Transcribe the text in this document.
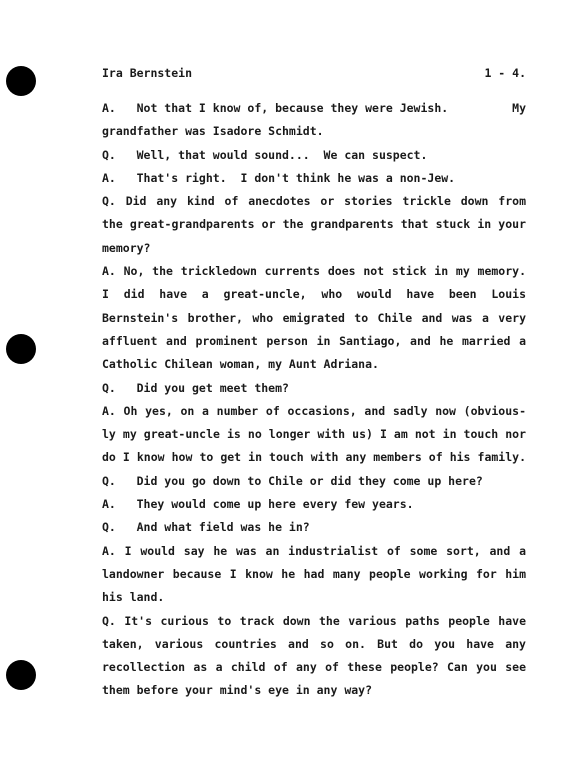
Ira Bernstein	1 - 4.
A.   Not that I know of, because they were Jewish.	My
grandfather was Isadore Schmidt.
Q.   Well, that would sound...  We can suspect.
A.   That's right.  I don't think he was a non-Jew.
Q. Did any kind of anecdotes or stories trickle down from
the great-grandparents or the grandparents that stuck in your
memory?
A. No, the trickledown currents does not stick in my memory.
I did have a great-uncle, who would have been Louis
Bernstein's brother, who emigrated to Chile and was a very
affluent and prominent person in Santiago, and he married a
Catholic Chilean woman, my Aunt Adriana.
Q.   Did you get meet them?
A. Oh yes, on a number of occasions, and sadly now (obvious-
ly my great-uncle is no longer with us) I am not in touch nor
do I know how to get in touch with any members of his family.
Q.   Did you go down to Chile or did they come up here?
A.   They would come up here every few years.
Q.   And what field was he in?
A. I would say he was an industrialist of some sort, and a
landowner because I know he had many people working for him
his land.
Q. It's curious to track down the various paths people have
taken, various countries and so on. But do you have any
recollection as a child of any of these people? Can you see
them before your mind's eye in any way?
